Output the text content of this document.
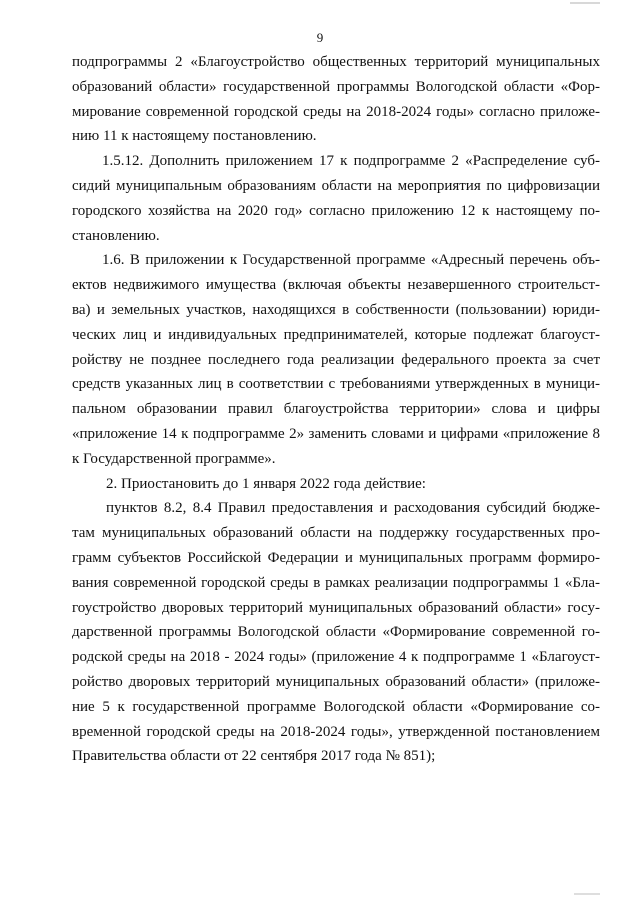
9
подпрограммы 2 «Благоустройство общественных территорий муниципальных
образований области» государственной программы Вологодской области «Фор-
мирование современной городской среды на 2018-2024 годы» согласно приложе-
нию 11 к настоящему постановлению.
1.5.12. Дополнить приложением 17 к подпрограмме 2 «Распределение суб-
сидий муниципальным образованиям области на мероприятия по цифровизации
городского хозяйства на 2020 год» согласно приложению 12 к настоящему по-
становлению.
1.6. В приложении к Государственной программе «Адресный перечень объ-
ектов недвижимого имущества (включая объекты незавершенного строительст-
ва) и земельных участков, находящихся в собственности (пользовании) юриди-
ческих лиц и индивидуальных предпринимателей, которые подлежат благоуст-
ройству не позднее последнего года реализации федерального проекта за счет
средств указанных лиц в соответствии с требованиями утвержденных в муници-
пальном образовании правил благоустройства территории» слова и цифры
«приложение 14 к подпрограмме 2» заменить словами и цифрами «приложение 8
к Государственной программе».
2. Приостановить до 1 января 2022 года действие:
пунктов 8.2, 8.4 Правил предоставления и расходования субсидий бюдже-
там муниципальных образований области на поддержку государственных про-
грамм субъектов Российской Федерации и муниципальных программ формиро-
вания современной городской среды в рамках реализации подпрограммы 1 «Бла-
гоустройство дворовых территорий муниципальных образований области» госу-
дарственной программы Вологодской области «Формирование современной го-
родской среды на 2018 - 2024 годы» (приложение 4 к подпрограмме 1 «Благоуст-
ройство дворовых территорий муниципальных образований области» (приложе-
ние 5 к государственной программе Вологодской области «Формирование со-
временной городской среды на 2018-2024 годы», утвержденной постановлением
Правительства области от 22 сентября 2017 года № 851);
